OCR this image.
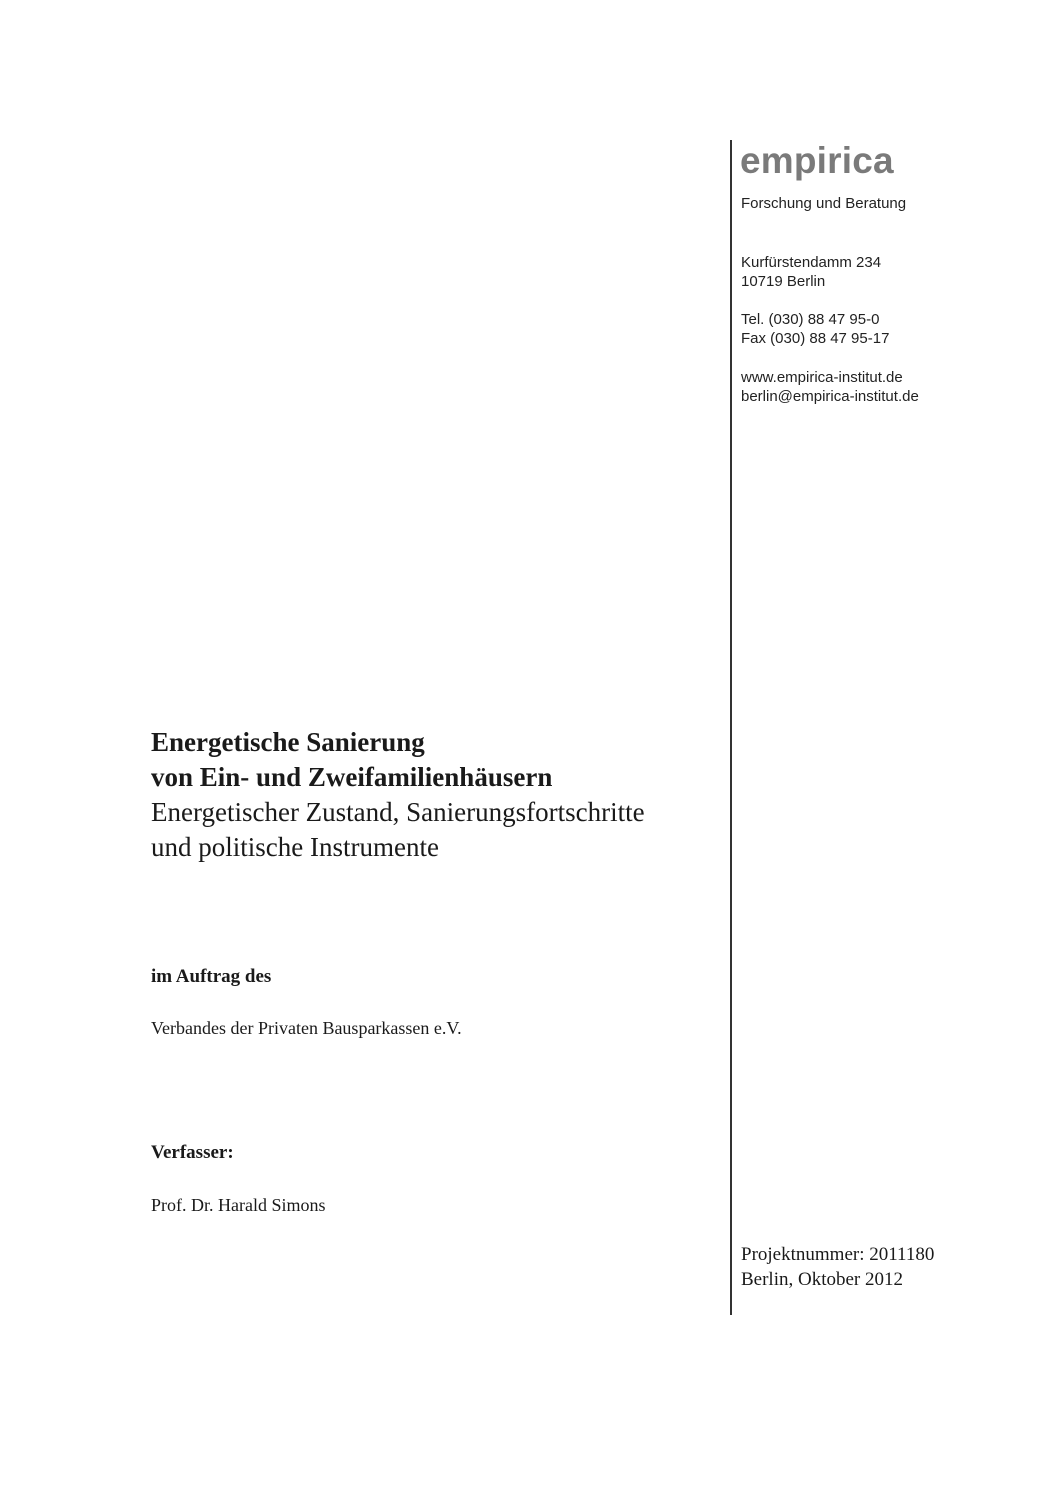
empirica
Forschung und Beratung
Kurfürstendamm 234
10719 Berlin
Tel. (030) 88 47 95-0
Fax (030) 88 47 95-17
www.empirica-institut.de
berlin@empirica-institut.de
Energetische Sanierung
von Ein- und Zweifamilienhäusern
Energetischer Zustand, Sanierungsfortschritte
und politische Instrumente
im Auftrag des
Verbandes der Privaten Bausparkassen e.V.
Verfasser:
Prof. Dr. Harald Simons
Projektnummer: 2011180
Berlin, Oktober 2012
